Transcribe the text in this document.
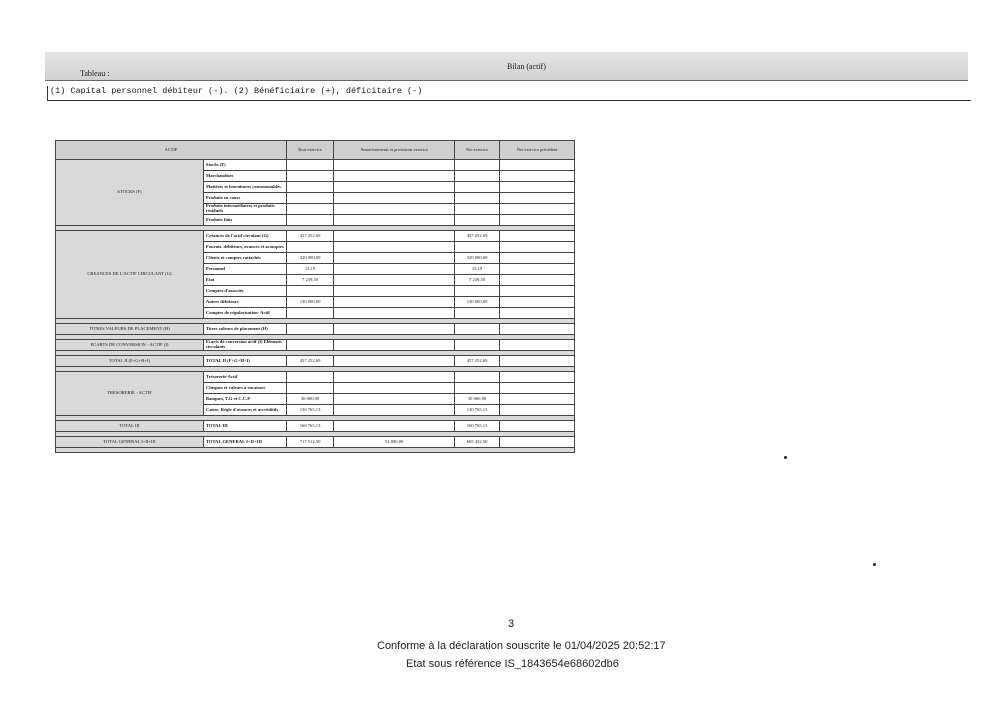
Tableau :
Bilan (actif)
(1) Capital personnel débiteur (-). (2) Bénéficiaire (+), déficitaire (-)
ACTIF		Brut exercice	Amortissements et provisions exercice	Net exercice	Net exercice précédent
STOCKS (F)	Stocks (F)				
	Marchandises				
	Matières et fournitures consommables				
	Produits en cours				
	Produits intermédiaires et produits résiduels				
	Produits finis				

CREANCES DE L'ACTIF CIRCULANT (G)	Créances de l'actif circulant (G)	457 252,69		457 252,69	
	Fournis. débiteurs, avances et acomptes				
	Clients et comptes rattachés	320 000,00		320 000,00	
	Personnel	13,19		13,19	
	Etat	7 239,50		7 239,50	
	Comptes d'associés				
	Autres débiteurs	130 000,00		130 000,00	
	Comptes de régularisation- Actif				

TITRES VALEURS DE PLACEMENT (H)	Titres valeurs de placement (H)				

ECARTS DE CONVERSION - ACTIF (I)	Ecarts de conversion actif (I) Eléments circulants				

TOTAL II (F+G+H+I)	TOTAL II (F+G+H+I)	457 252,69		457 252,69	

TRESORERIE - ACTIF	Trésorerie-Actif				
	Chèques et valeurs à encaisser				
	Banques, T.G et C.C.P	30 000,00		30 000,00	
	Caisse, Régie d'avances et accréditifs	130 765,13		130 765,13	

TOTAL III	TOTAL III	160 765,13		160 765,13	

TOTAL GENERAL I+II+III	TOTAL GENERAL I+II+III	717 512,50	52 080,00	665 432,50	

3
Conforme à la déclaration souscrite le 01/04/2025 20:52:17
Etat sous référence IS_1843654e68602db6
